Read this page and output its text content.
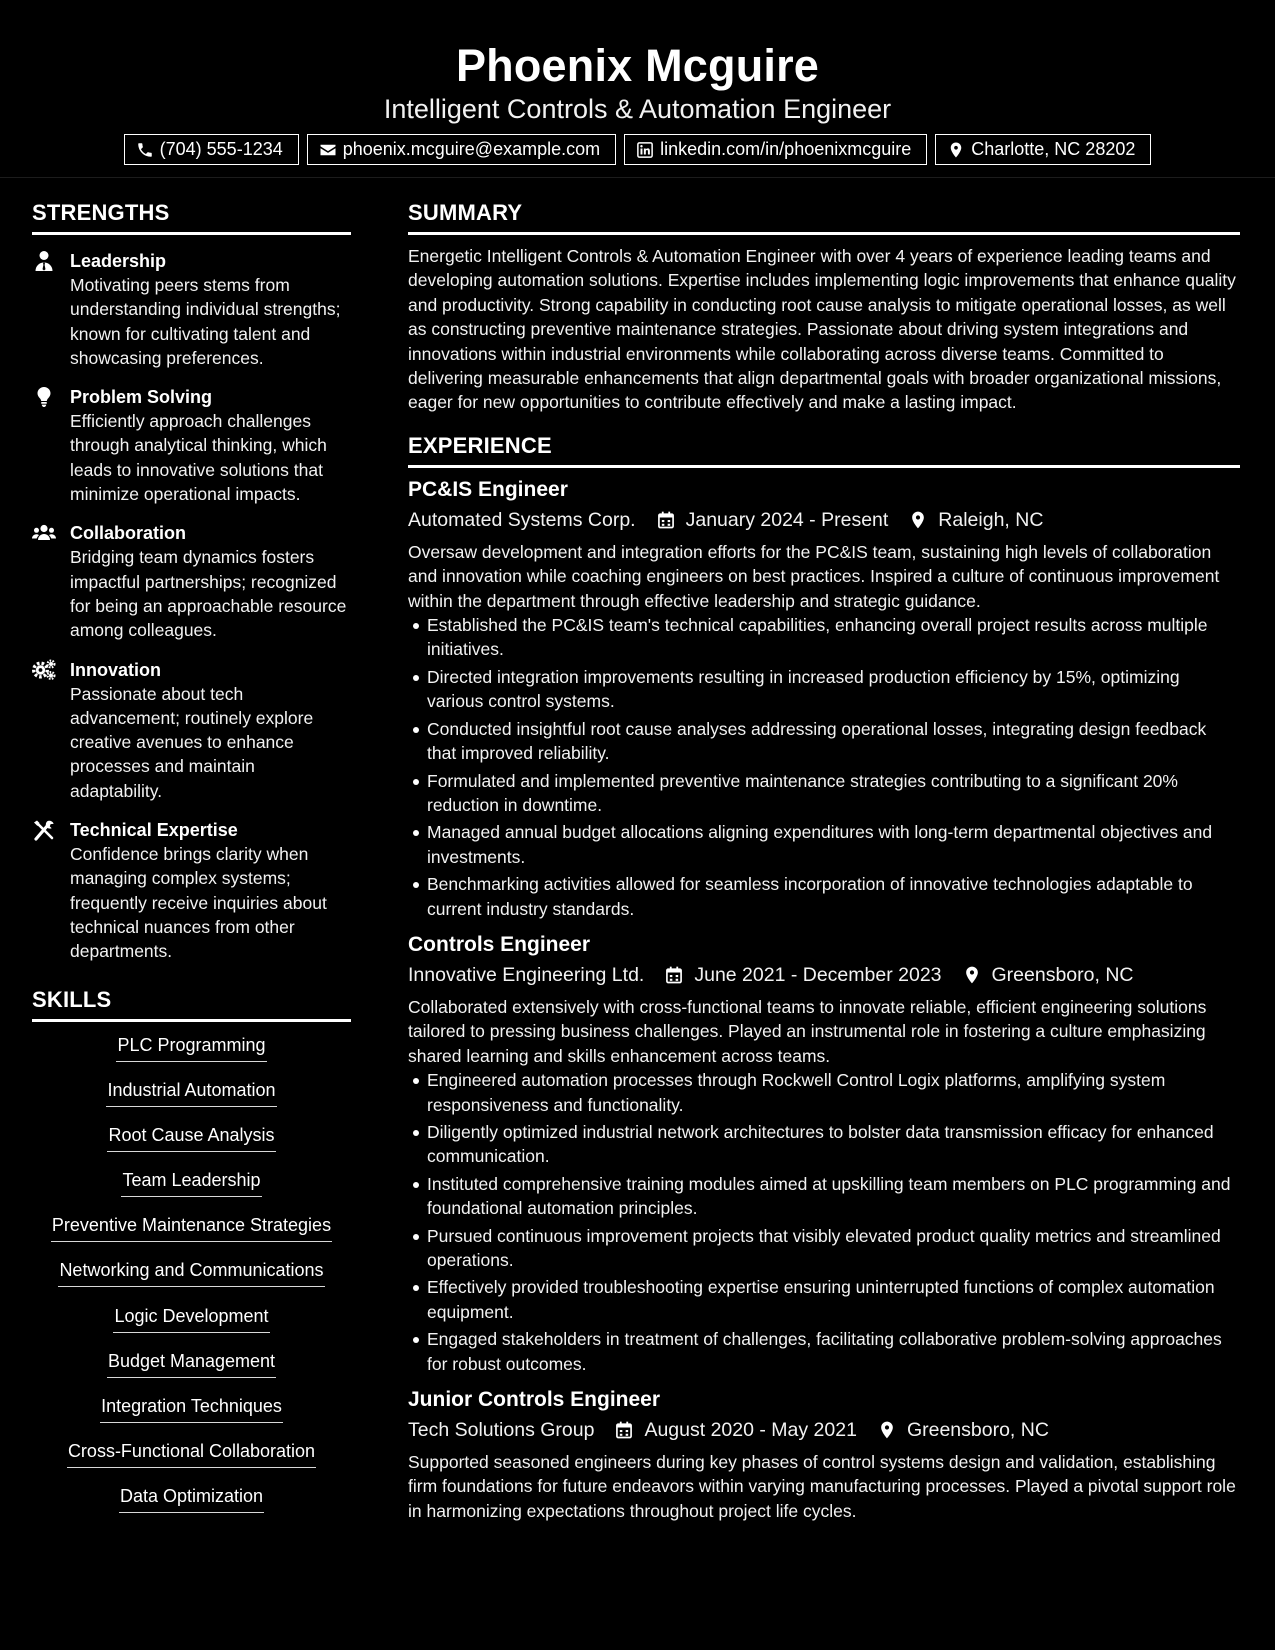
Phoenix Mcguire
Intelligent Controls & Automation Engineer
(704) 555-1234	phoenix.mcguire@example.com	linkedin.com/in/phoenixmcguire	Charlotte, NC 28202
STRENGTHS
Leadership
Motivating peers stems from understanding individual strengths; known for cultivating talent and showcasing preferences.
Problem Solving
Efficiently approach challenges through analytical thinking, which leads to innovative solutions that minimize operational impacts.
Collaboration
Bridging team dynamics fosters impactful partnerships; recognized for being an approachable resource among colleagues.
Innovation
Passionate about tech advancement; routinely explore creative avenues to enhance processes and maintain adaptability.
Technical Expertise
Confidence brings clarity when managing complex systems; frequently receive inquiries about technical nuances from other departments.
SKILLS
PLC Programming
Industrial Automation
Root Cause Analysis
Team Leadership
Preventive Maintenance Strategies
Networking and Communications
Logic Development
Budget Management
Integration Techniques
Cross-Functional Collaboration
Data Optimization
SUMMARY
Energetic Intelligent Controls & Automation Engineer with over 4 years of experience leading teams and developing automation solutions. Expertise includes implementing logic improvements that enhance quality and productivity. Strong capability in conducting root cause analysis to mitigate operational losses, as well as constructing preventive maintenance strategies. Passionate about driving system integrations and innovations within industrial environments while collaborating across diverse teams. Committed to delivering measurable enhancements that align departmental goals with broader organizational missions, eager for new opportunities to contribute effectively and make a lasting impact.
EXPERIENCE
PC&IS Engineer
Automated Systems Corp.	January 2024 - Present	Raleigh, NC
Oversaw development and integration efforts for the PC&IS team, sustaining high levels of collaboration and innovation while coaching engineers on best practices. Inspired a culture of continuous improvement within the department through effective leadership and strategic guidance.
Established the PC&IS team's technical capabilities, enhancing overall project results across multiple initiatives.
Directed integration improvements resulting in increased production efficiency by 15%, optimizing various control systems.
Conducted insightful root cause analyses addressing operational losses, integrating design feedback that improved reliability.
Formulated and implemented preventive maintenance strategies contributing to a significant 20% reduction in downtime.
Managed annual budget allocations aligning expenditures with long-term departmental objectives and investments.
Benchmarking activities allowed for seamless incorporation of innovative technologies adaptable to current industry standards.
Controls Engineer
Innovative Engineering Ltd.	June 2021 - December 2023	Greensboro, NC
Collaborated extensively with cross-functional teams to innovate reliable, efficient engineering solutions tailored to pressing business challenges. Played an instrumental role in fostering a culture emphasizing shared learning and skills enhancement across teams.
Engineered automation processes through Rockwell Control Logix platforms, amplifying system responsiveness and functionality.
Diligently optimized industrial network architectures to bolster data transmission efficacy for enhanced communication.
Instituted comprehensive training modules aimed at upskilling team members on PLC programming and foundational automation principles.
Pursued continuous improvement projects that visibly elevated product quality metrics and streamlined operations.
Effectively provided troubleshooting expertise ensuring uninterrupted functions of complex automation equipment.
Engaged stakeholders in treatment of challenges, facilitating collaborative problem-solving approaches for robust outcomes.
Junior Controls Engineer
Tech Solutions Group	August 2020 - May 2021	Greensboro, NC
Supported seasoned engineers during key phases of control systems design and validation, establishing firm foundations for future endeavors within varying manufacturing processes. Played a pivotal support role in harmonizing expectations throughout project life cycles.
